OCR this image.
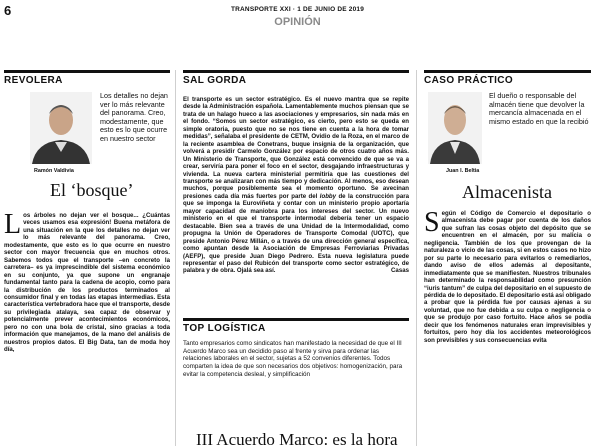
6	TRANSPORTE XXI · 1 DE JUNIO DE 2019
OPINIÓN
REVOLERA
Los detalles no dejan ver lo más relevante del panorama. Creo, modestamente, que esto es lo que ocurre en nuestro sector
Ramón Valdivia
El ‘bosque’
Los árboles no dejan ver el bosque... ¿Cuántas veces usamos esa expresión! Buena metáfora de una situación en la que los detalles no dejan ver lo más relevante del panorama. Creo, modestamente, que esto es lo que ocurre en nuestro sector con mayor frecuencia que en muchos otros. Sabemos todos que el transporte –en concreto la carretera– es ya imprescindible del sistema económico en su conjunto, ya que supone un engranaje fundamental tanto para la cadena de acopio, como para la distribución de los productos terminados al consumidor final y en todas las etapas intermedias. Esta característica vertebradora hace que el transporte, desde su privilegiada atalaya, sea capaz de observar y potencialmente prever acontecimientos económicos, pero no con una bola de cristal, sino gracias a toda información que manejamos, de la mano del análisis de nuestros propios datos. El Big Data, tan de moda hoy día,
SAL GORDA
El transporte es un sector estratégico. Es el nuevo mantra que se repite desde la Administración española. Lamentablemente muchos piensan que se trata de un halago hueco a las asociaciones y empresarios, sin nada más en el fondo. “Somos un sector estratégico, es cierto, pero esto se queda en simple oratoria, puesto que no se nos tiene en cuenta a la hora de tomar medidas”, señalaba el presidente de CETM, Ovidio de la Roza, en el marco de la reciente asamblea de Conetrans, buque insignia de la organización, que volverá a presidir Carmelo González por espacio de otros cuatro años más. Un Ministerio de Transporte, que González está convencido de que se va a crear, serviría para poner el foco en el sector, desgajando infraestructuras y vivienda. La nueva cartera ministerial permitiría que las cuestiones del transporte se analizaran con más tiempo y dedicación. Al menos, eso desean muchos, porque posiblemente sea el momento oportuno. Se avecinan presiones cada día más fuertes por parte del lobby de la construcción para que se imponga la Euroviñeta y contar con un ministerio propio aportaría mayor capacidad de maniobra para los intereses del sector. Un nuevo ministerio en el que el transporte intermodal debería tener un espacio destacable. Bien sea a través de una Unidad de la Intermodalidad, como propugna la Unión de Operadores de Transporte Comodal (UOTC), que preside Antonio Pérez Millán, o a través de una dirección general específica, como apuntan desde la Asociación de Empresas Ferroviarias Privadas (AEFP), que preside Juan Diego Pedrero. Esta nueva legislatura puede representar el paso del Rubicón del transporte como sector estratégico, de palabra y de obra. Ojalá sea así.	Casas
TOP LOGÍSTICA
Tanto empresarios como sindicatos han manifestado la necesidad de que el III Acuerdo Marco sea un decidido paso al frente y sirva para ordenar las relaciones laborales en el sector, sujetas a 52 convenios diferentes. Todos comparten la idea de que son necesarios dos objetivos: homogenización, para evitar la competencia desleal, y simplificación
III Acuerdo Marco: es la hora
CASO PRÁCTICO
El dueño o responsable del almacén tiene que devolver la mercancía almacenada en el mismo estado en que la recibió
Juan I. Beltia
Almacenista
Según el Código de Comercio el depositario o almacenista debe pagar por cuenta de los daños que sufran las cosas objeto del depósito que se encuentren en el almacén, por su malicia o negligencia. También de los que provengan de la naturaleza o vicio de las cosas, si en estos casos no hizo por su parte lo necesario para evitarlos o remediarlos, dando aviso de ellos además al depositante, inmediatamente que se manifiesten. Nuestros tribunales han determinado la responsabilidad como presunción “iuris tantum” de culpa del depositario en el supuesto de pérdida de lo depositado. El depositario está así obligado a probar que la pérdida fue por causas ajenas a su voluntad, que no fue debida a su culpa o negligencia o que se produjo por caso fortuito. Hace años se podía decir que los fenómenos naturales eran imprevisibles y fortuitos, pero hoy día los accidentes meteorológicos son previsibles y sus consecuencias evita
